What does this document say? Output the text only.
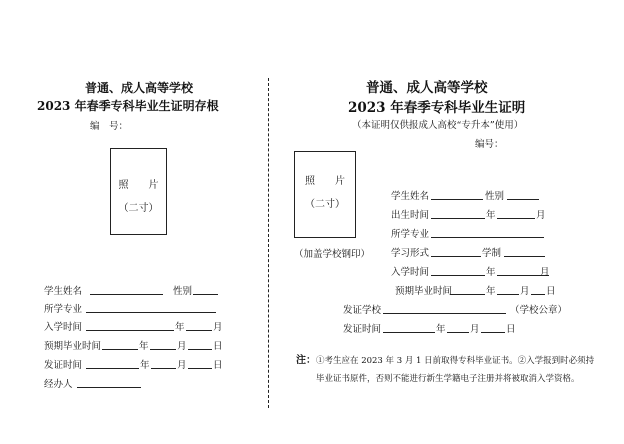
普通、成人高等学校
2023 年春季专科毕业生证明存根
编　号：
照　　片
（二寸）
学生姓名	性别
所学专业
入学时间	年	月
预期毕业时间	年	月	日
发证时间	年	月	日
经办人
普通、成人高等学校
2023 年春季专科毕业生证明
（本证明仅供报成人高校“专升本”使用）
编号：
照　　片
（二寸）
（加盖学校钢印）
学生姓名	性别
出生时间	年	月
所学专业
学习形式	学制
入学时间	年	月
预期毕业时间	年	月 日
发证学校	（学校公章）
发证时间	年	月	日
注：①考生应在 2023 年 3 月 1 日前取得专科毕业证书。②入学报到时必须持
毕业证书原件，否则不能进行新生学籍电子注册并将被取消入学资格。
